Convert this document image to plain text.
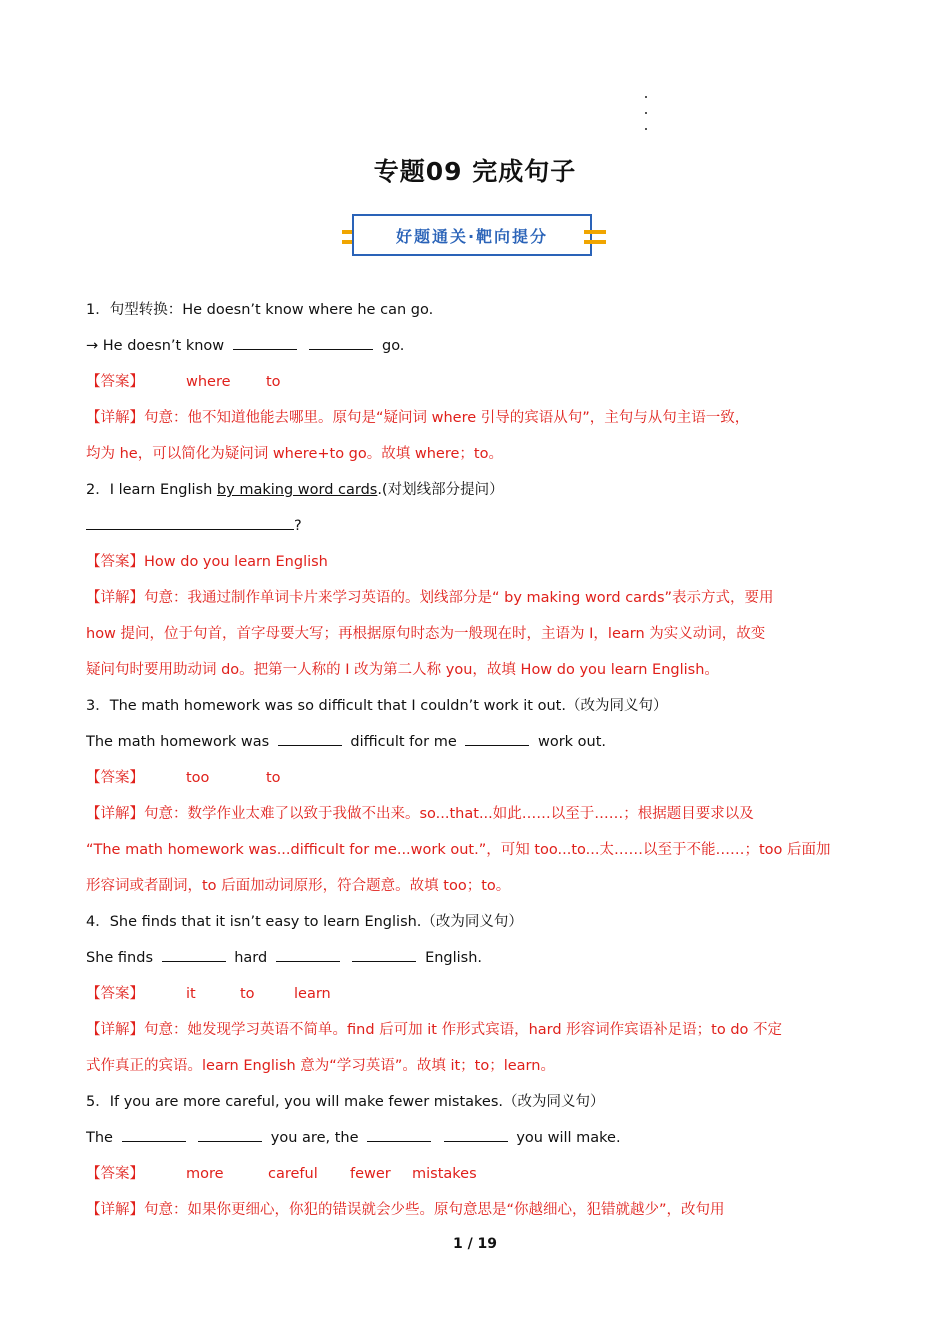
专题09 完成句子
好题通关·靶向提分
1．句型转换：He doesn’t know where he can go.
→ He doesn’t know	go.
【答案】	where to
【详解】句意：他不知道他能去哪里。原句是“疑问词 where 引导的宾语从句”，主句与从句主语一致，
均为 he，可以简化为疑问词 where+to go。故填 where；to。
2．I learn English by making word cards.(对划线部分提问）
?
【答案】How do you learn English
【详解】句意：我通过制作单词卡片来学习英语的。划线部分是“ by making word cards”表示方式，要用
how 提问，位于句首，首字母要大写；再根据原句时态为一般现在时，主语为 I，learn 为实义动词，故变
疑问句时要用助动词 do。把第一人称的 I 改为第二人称 you，故填 How do you learn English。
3．The math homework was so difficult that I couldn’t work it out.（改为同义句）
The math homework was	difficult for me	work out.
【答案】	too	to
【详解】句意：数学作业太难了以致于我做不出来。so...that...如此……以至于……；根据题目要求以及
“The math homework was...difficult for me...work out.”，可知 too...to...太……以至于不能……；too 后面加
形容词或者副词，to 后面加动词原形，符合题意。故填 too；to。
4．She finds that it isn’t easy to learn English.（改为同义句）
She finds	hard	English.
【答案】	it	to	learn
【详解】句意：她发现学习英语不简单。find 后可加 it 作形式宾语，hard 形容词作宾语补足语；to do 不定
式作真正的宾语。learn English 意为“学习英语”。故填 it；to；learn。
5．If you are more careful, you will make fewer mistakes.（改为同义句）
The	you are, the	you will make.
【答案】	more	careful fewer mistakes
【详解】句意：如果你更细心，你犯的错误就会少些。原句意思是“你越细心，犯错就越少”，改句用
1 / 19
